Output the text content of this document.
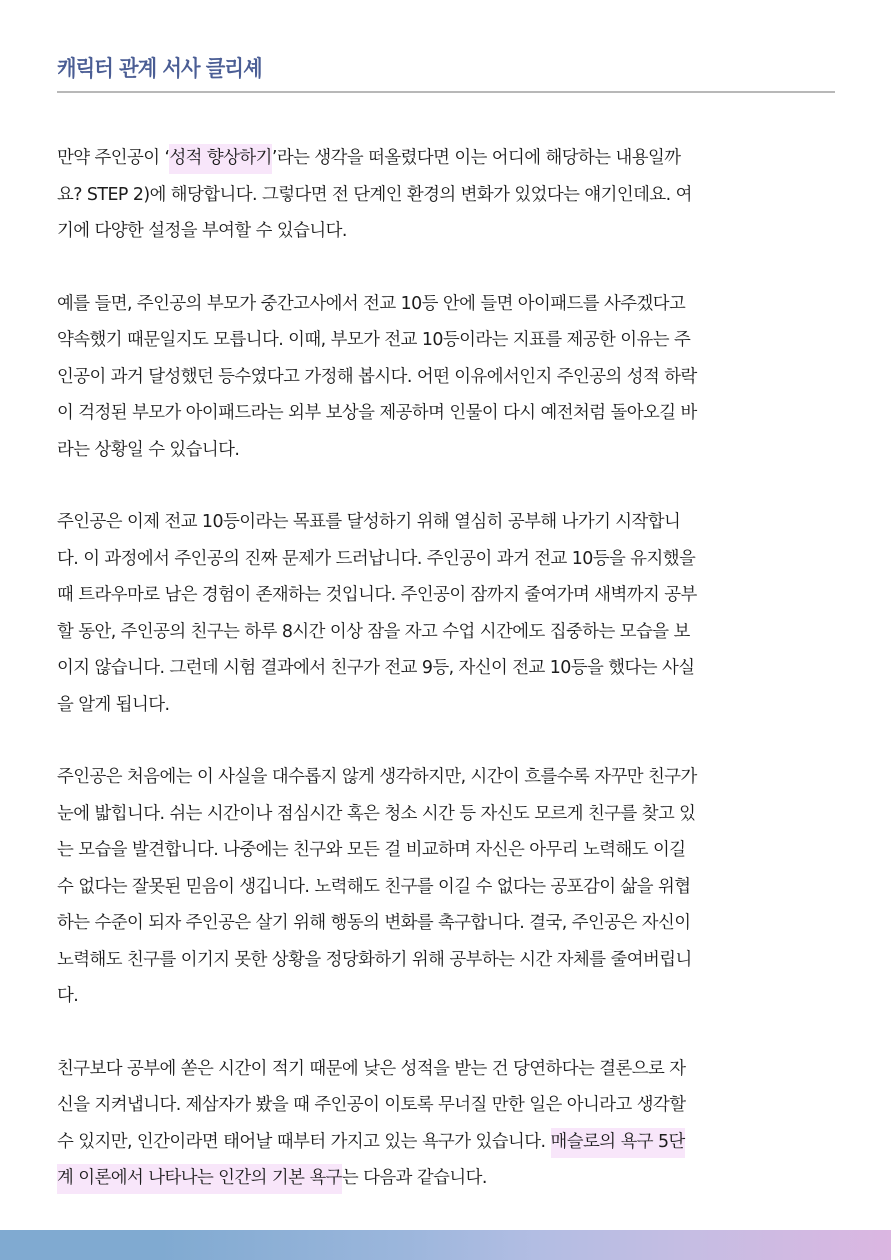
캐릭터 관계 서사 클리셰

만약 주인공이 ‘성적 향상하기’라는 생각을 떠올렸다면 이는 어디에 해당하는 내용일까
요? STEP 2)에 해당합니다. 그렇다면 전 단계인 환경의 변화가 있었다는 얘기인데요. 여
기에 다양한 설정을 부여할 수 있습니다.

예를 들면, 주인공의 부모가 중간고사에서 전교 10등 안에 들면 아이패드를 사주겠다고
약속했기 때문일지도 모릅니다. 이때, 부모가 전교 10등이라는 지표를 제공한 이유는 주
인공이 과거 달성했던 등수였다고 가정해 봅시다. 어떤 이유에서인지 주인공의 성적 하락
이 걱정된 부모가 아이패드라는 외부 보상을 제공하며 인물이 다시 예전처럼 돌아오길 바
라는 상황일 수 있습니다.

주인공은 이제 전교 10등이라는 목표를 달성하기 위해 열심히 공부해 나가기 시작합니
다. 이 과정에서 주인공의 진짜 문제가 드러납니다. 주인공이 과거 전교 10등을 유지했을
때 트라우마로 남은 경험이 존재하는 것입니다. 주인공이 잠까지 줄여가며 새벽까지 공부
할 동안, 주인공의 친구는 하루 8시간 이상 잠을 자고 수업 시간에도 집중하는 모습을 보
이지 않습니다. 그런데 시험 결과에서 친구가 전교 9등, 자신이 전교 10등을 했다는 사실
을 알게 됩니다.

주인공은 처음에는 이 사실을 대수롭지 않게 생각하지만, 시간이 흐를수록 자꾸만 친구가
눈에 밟힙니다. 쉬는 시간이나 점심시간 혹은 청소 시간 등 자신도 모르게 친구를 찾고 있
는 모습을 발견합니다. 나중에는 친구와 모든 걸 비교하며 자신은 아무리 노력해도 이길
수 없다는 잘못된 믿음이 생깁니다. 노력해도 친구를 이길 수 없다는 공포감이 삶을 위협
하는 수준이 되자 주인공은 살기 위해 행동의 변화를 촉구합니다. 결국, 주인공은 자신이
노력해도 친구를 이기지 못한 상황을 정당화하기 위해 공부하는 시간 자체를 줄여버립니
다.

친구보다 공부에 쏟은 시간이 적기 때문에 낮은 성적을 받는 건 당연하다는 결론으로 자
신을 지켜냅니다. 제삼자가 봤을 때 주인공이 이토록 무너질 만한 일은 아니라고 생각할
수 있지만, 인간이라면 태어날 때부터 가지고 있는 욕구가 있습니다. 매슬로의 욕구 5단
계 이론에서 나타나는 인간의 기본 욕구는 다음과 같습니다.
